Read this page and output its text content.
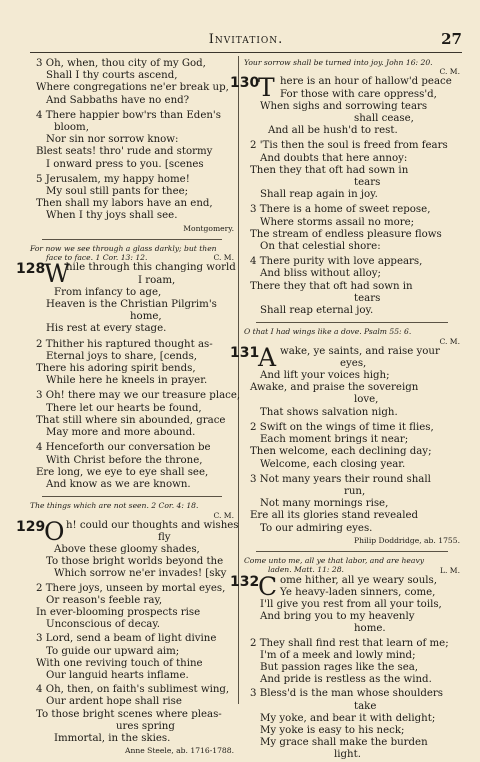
Invitation.	27
3 Oh, when, thou city of my God,
Shall I thy courts ascend,
Where congregations ne'er break up,
And Sabbaths have no end?
4 There happier bow'rs than Eden's
bloom,
Nor sin nor sorrow know:
Blest seats! thro' rude and stormy
I onward press to you. [scenes
5 Jerusalem, my happy home!
My soul still pants for thee;
Then shall my labors have an end,
When I thy joys shall see.
Montgomery.
For now we see through a glass darkly; but then
face to face. 1 Cor. 13: 12.	C. M.
128
W
hile through this changing world
I roam,
From infancy to age,
Heaven is the Christian Pilgrim's
home,
His rest at every stage.
2 Thither his raptured thought as-
Eternal joys to share, [cends,
There his adoring spirit bends,
While here he kneels in prayer.
3 Oh! there may we our treasure place,
There let our hearts be found,
That still where sin abounded, grace
May more and more abound.
4 Henceforth our conversation be
With Christ before the throne,
Ere long, we eye to eye shall see,
And know as we are known.
The things which are not seen. 2 Cor. 4: 18.
C. M.
129
O h! could our thoughts and wishes
fly
Above these gloomy shades,
To those bright worlds beyond the
Which sorrow ne'er invades! [sky
2 There joys, unseen by mortal eyes,
Or reason's feeble ray,
In ever-blooming prospects rise
Unconscious of decay.
3 Lord, send a beam of light divine
To guide our upward aim;
With one reviving touch of thine
Our languid hearts inflame.
4 Oh, then, on faith's sublimest wing,
Our ardent hope shall rise
To those bright scenes where pleas-
ures spring
Immortal, in the skies.
Anne Steele, ab. 1716-1788.
Your sorrow shall be turned into joy. John 16: 20.
C. M.
130
T here is an hour of hallow'd peace
For those with care oppress'd,
When sighs and sorrowing tears
shall cease,
And all be hush'd to rest.
2 'Tis then the soul is freed from fears
And doubts that here annoy:
Then they that oft had sown in
tears
Shall reap again in joy.
3 There is a home of sweet repose,
Where storms assail no more;
The stream of endless pleasure flows
On that celestial shore:
4 There purity with love appears,
And bliss without alloy;
There they that oft had sown in
tears
Shall reap eternal joy.
O that I had wings like a dove. Psalm 55: 6.
C. M.
131
A wake, ye saints, and raise your
eyes,
And lift your voices high;
Awake, and praise the sovereign
love,
That shows salvation nigh.
2 Swift on the wings of time it flies,
Each moment brings it near;
Then welcome, each declining day;
Welcome, each closing year.
3 Not many years their round shall
run,
Not many mornings rise,
Ere all its glories stand revealed
To our admiring eyes.
Philip Doddridge, ab. 1755.
Come unto me, all ye that labor, and are heavy
laden. Matt. 11: 28.	L. M.
132
C ome hither, all ye weary souls,
Ye heavy-laden sinners, come,
I'll give you rest from all your toils,
And bring you to my heavenly
home.
2 They shall find rest that learn of me;
I'm of a meek and lowly mind;
But passion rages like the sea,
And pride is restless as the wind.
3 Bless'd is the man whose shoulders
take
My yoke, and bear it with delight;
My yoke is easy to his neck;
My grace shall make the burden
light.
